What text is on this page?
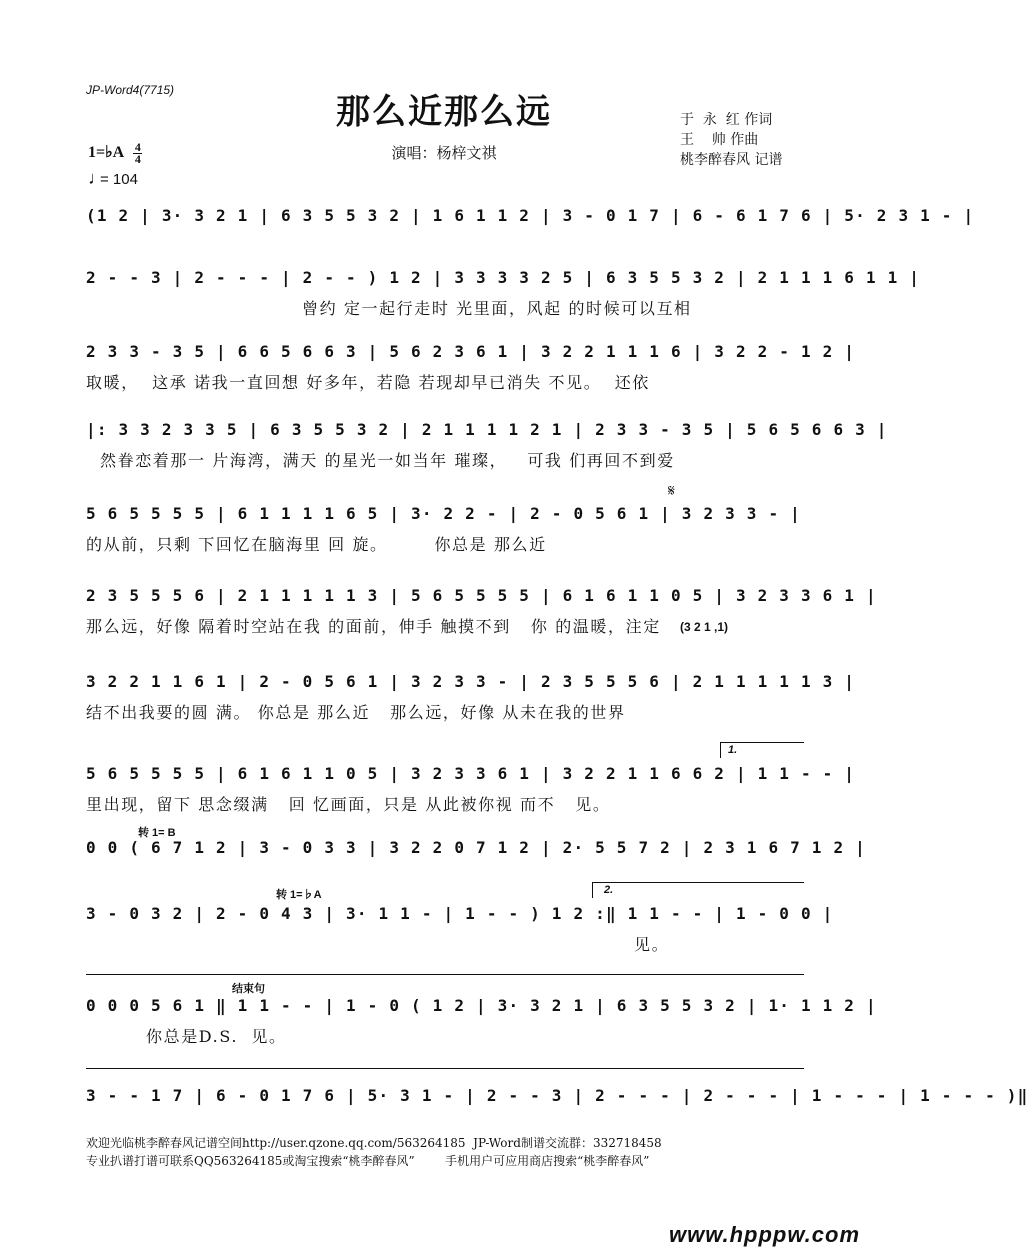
JP-Word4(7715)
那么近那么远
演唱：杨梓文祺
于  永  红 作词
王    帅 作曲
桃李醉春风 记谱
1=♭A $\frac{4}{4}$
♩= 104
(1 2 | 3· 3 2 1 | 6 3 5 5 3 2 | 1 6 1 1 2 | 3 - 0 1 7 | 6 - 6 1 7 6 | 5· 2 3 1 - |
2 - - 3 | 2 - - - | 2 - - ) 1 2 | 3 3 3 3 2 5 | 6 3 5 5 3 2 | 2 1 1 1 6 1 1 |
曾约 定一起行走时 光里面，风起 的时候可以互相
2 3 3 - 3 5 | 6 6 5 6 6 3 | 5 6 2 3 6 1 | 3 2 2 1 1 1 6 | 3 2 2 - 1 2 |
取暖，  这承 诺我一直回想 好多年，若隐 若现却早已消失 不见。  还依
|: 3 3 2 3 3 5 | 6 3 5 5 3 2 | 2 1 1 1 1 2 1 | 2 3 3 - 3 5 | 5 6 5 6 6 3 |
然眷恋着那一 片海湾，满天 的星光一如当年 璀璨，   可我 们再回不到爱
5 6 5 5 5 5 | 6 1 1 1 1 6 5 | 3· 2 2 - | 2 - 0 5 6 1 | 3 2 3 3 - |
的从前，只剩 下回忆在脑海里 回 旋。       你总是 那么近
𝄋
2 3 5 5 5 6 | 2 1 1 1 1 1 3 | 5 6 5 5 5 5 | 6 1 6 1 1 0 5 | 3 2 3 3 6 1 |
那么远，好像 隔着时空站在我 的面前，伸手 触摸不到   你 的温暖，注定	(3 2 1 ,1)
3 2 2 1 1 6 1 | 2 - 0 5 6 1 | 3 2 3 3 - | 2 3 5 5 5 6 | 2 1 1 1 1 1 3 |
结不出我要的圆 满。 你总是 那么近   那么远，好像 从未在我的世界
1.
5 6 5 5 5 5 | 6 1 6 1 1 0 5 | 3 2 3 3 6 1 | 3 2 2 1 1 6 6 2 | 1 1 - - |
里出现，留下 思念缀满   回 忆画面，只是 从此被你视 而不   见。
转 1= B
0 0 ( 6 7 1 2 | 3 - 0 3 3 | 3 2 2 0 7 1 2 | 2· 5 5 7 2 | 2 3 1 6 7 1 2 |
转 1=♭A	2.
3 - 0 3 2 | 2 - 0 4 3 | 3· 1 1 - | 1 - - ) 1 2 :‖ 1 1 - - | 1 - 0 0 |
见。
结束句
0 0 0 5 6 1 ‖ 1 1 - - | 1 - 0 ( 1 2 | 3· 3 2 1 | 6 3 5 5 3 2 | 1· 1 1 2 |
你总是D.S.  见。
3 - - 1 7 | 6 - 0 1 7 6 | 5· 3 1 - | 2 - - 3 | 2 - - - | 2 - - - | 1 - - - | 1 - - - )‖
欢迎光临桃李醉春风记谱空间http://user.qzone.qq.com/563264185  JP-Word制谱交流群：332718458
专业扒谱打谱可联系QQ563264185或淘宝搜索“桃李醉春风”        手机用户可应用商店搜索“桃李醉春风”
www.hpppw.com
